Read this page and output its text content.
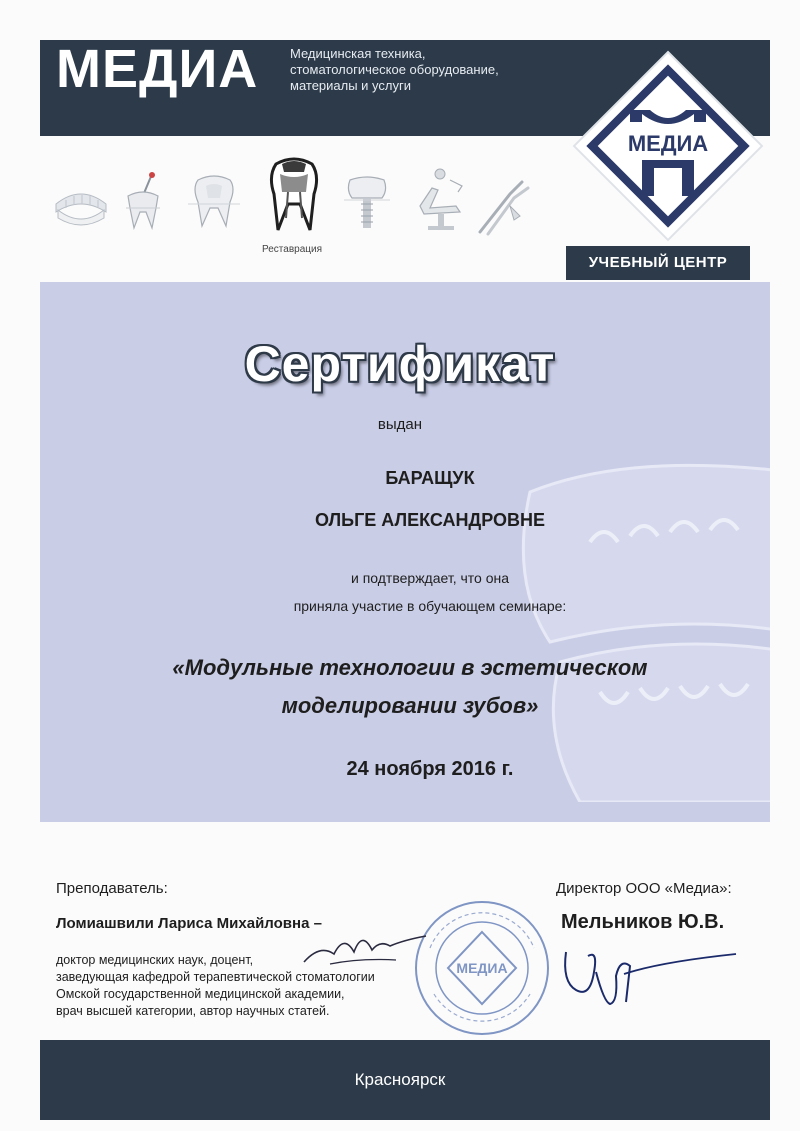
МЕДИА Медицинская техника,
стоматологическое оборудование,
материалы и услуги
Реставрация
МЕДИА
УЧЕБНЫЙ ЦЕНТР
Сертификат
выдан
БАРАЩУК
ОЛЬГЕ АЛЕКСАНДРОВНЕ
и подтверждает, что она
приняла участие в обучающем семинаре:
«Модульные технологии в эстетическом
моделировании зубов»
24 ноября 2016 г.
Преподаватель:
Ломиашвили Лариса Михайловна –
доктор медицинских наук, доцент,
заведующая кафедрой терапевтической стоматологии
Омской государственной медицинской академии,
врач высшей категории, автор научных статей.
Директор ООО «Медиа»:
Мельников Ю.В.
МЕДИА
Красноярск
